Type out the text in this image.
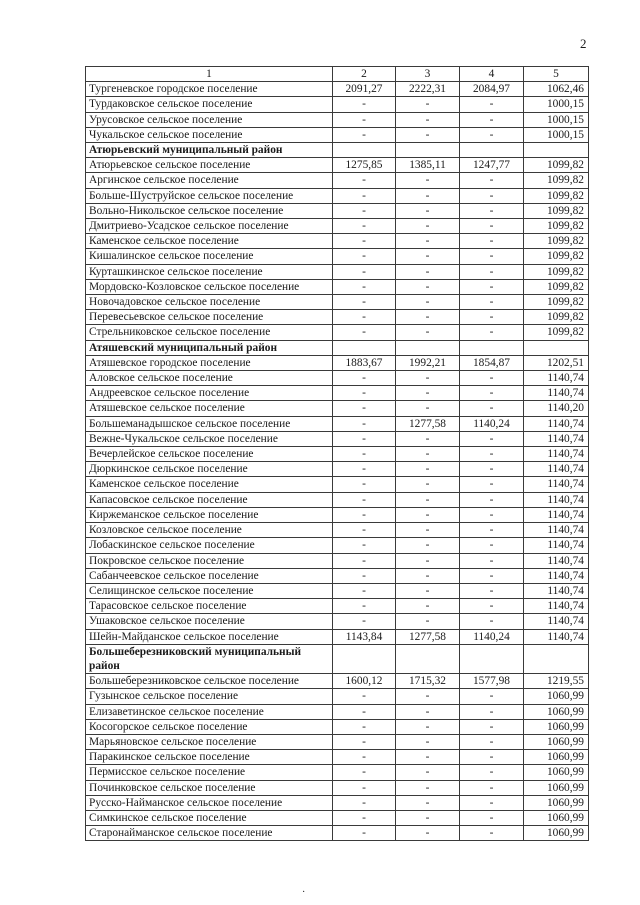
2
1	2	3	4	5
Тургеневское городское поселение	2091,27	2222,31	2084,97	1062,46
Турдаковское сельское поселение	-	-	-	1000,15
Урусовское сельское поселение	-	-	-	1000,15
Чукальское сельское поселение	-	-	-	1000,15
Атюрьевский муниципальный район				
Атюрьевское сельское поселение	1275,85	1385,11	1247,77	1099,82
Аргинское сельское поселение	-	-	-	1099,82
Больше-Шуструйское сельское поселение	-	-	-	1099,82
Вольно-Никольское сельское поселение	-	-	-	1099,82
Дмитриево-Усадское сельское поселение	-	-	-	1099,82
Каменское сельское поселение	-	-	-	1099,82
Кишалинское сельское поселение	-	-	-	1099,82
Курташкинское сельское поселение	-	-	-	1099,82
Мордовско-Козловское сельское поселение	-	-	-	1099,82
Новочадовское сельское поселение	-	-	-	1099,82
Перевесьевское сельское поселение	-	-	-	1099,82
Стрельниковское сельское поселение	-	-	-	1099,82
Атяшевский муниципальный район				
Атяшевское городское поселение	1883,67	1992,21	1854,87	1202,51
Аловское сельское поселение	-	-	-	1140,74
Андреевское сельское поселение	-	-	-	1140,74
Атяшевское сельское поселение	-	-	-	1140,20
Большеманадышское сельское поселение	-	1277,58	1140,24	1140,74
Вежне-Чукальское сельское поселение	-	-	-	1140,74
Вечерлейское сельское поселение	-	-	-	1140,74
Дюркинское сельское поселение	-	-	-	1140,74
Каменское сельское поселение	-	-	-	1140,74
Капасовское сельское поселение	-	-	-	1140,74
Киржеманское сельское поселение	-	-	-	1140,74
Козловское сельское поселение	-	-	-	1140,74
Лобаскинское сельское поселение	-	-	-	1140,74
Покровское сельское поселение	-	-	-	1140,74
Сабанчеевское сельское поселение	-	-	-	1140,74
Селищинское сельское поселение	-	-	-	1140,74
Тарасовское сельское поселение	-	-	-	1140,74
Ушаковское сельское поселение	-	-	-	1140,74
Шейн-Майданское сельское поселение	1143,84	1277,58	1140,24	1140,74
Большеберезниковский муниципальный район				
Большеберезниковское сельское поселение	1600,12	1715,32	1577,98	1219,55
Гузынское сельское поселение	-	-	-	1060,99
Елизаветинское сельское поселение	-	-	-	1060,99
Косогорское сельское поселение	-	-	-	1060,99
Марьяновское сельское поселение	-	-	-	1060,99
Паракинское сельское поселение	-	-	-	1060,99
Пермисское сельское поселение	-	-	-	1060,99
Починковское сельское поселение	-	-	-	1060,99
Русско-Найманское сельское поселение	-	-	-	1060,99
Симкинское сельское поселение	-	-	-	1060,99
Старонайманское сельское поселение	-	-	-	1060,99
·
